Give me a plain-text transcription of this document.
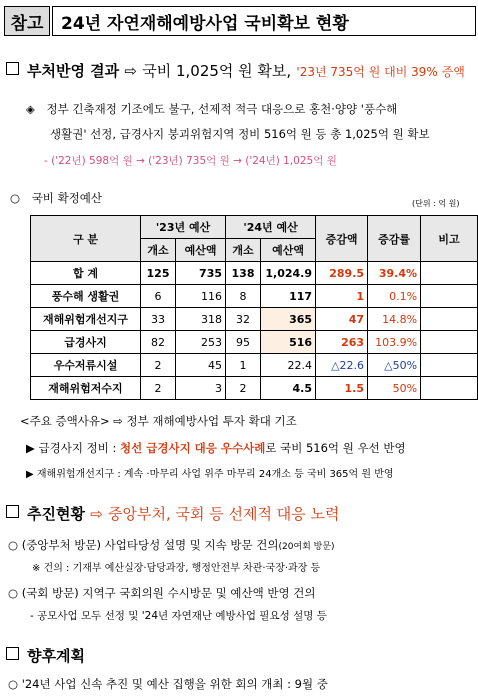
참고	24년 자연재해예방사업 국비확보 현황
부처반영 결과 ⇨ 국비 1,025억 원 확보, '23년 735억 원 대비 39% 증액
◈ 정부 긴축재정 기조에도 불구, 선제적 적극 대응으로 홍천·양양 '풍수해
생활권' 선정, 급경사지 붕괴위험지역 정비 516억 원 등 총 1,025억 원 확보
- ('22년) 598억 원 → ('23년) 735억 원 → ('24년) 1,025억 원
○ 국비 확정예산	(단위 : 억 원)
구 분	'23년 예산		'24년 예산		증감액	증감률	비고
	개소	예산액	개소	예산액			
합 계	125	735	138	1,024.9	289.5	39.4%	
풍수해 생활권	6	116	8	117	1	0.1%	
재해위험개선지구	33	318	32	365	47	14.8%	
급경사지	82	253	95	516	263	103.9%	
우수저류시설	2	45	1	22.4	△22.6	△50%	
재해위험저수지	2	3	2	4.5	1.5	50%	
<주요 증액사유> ⇨ 정부 재해예방사업 투자 확대 기조
▶ 급경사지 정비 : 청선 급경사지 대응 우수사례로 국비 516억 원 우선 반영
▶ 재해위험개선지구 : 계속 ·마무리 사업 위주 마무리 24개소 등 국비 365억 원 반영
추진현황 ⇨ 중앙부처, 국회 등 선제적 대응 노력
○ (중앙부처 방문) 사업타당성 설명 및 지속 방문 건의(20여회 방문)
※ 건의 : 기재부 예산실장·담당과장, 행정안전부 차관·국장·과장 등
○ (국회 방문) 지역구 국회의원 수시방문 및 예산액 반영 건의
- 공모사업 모두 선정 및 '24년 자연재난 예방사업 필요성 설명 등
향후계획
○ '24년 사업 신속 추진 및 예산 집행을 위한 회의 개최 : 9월 중
